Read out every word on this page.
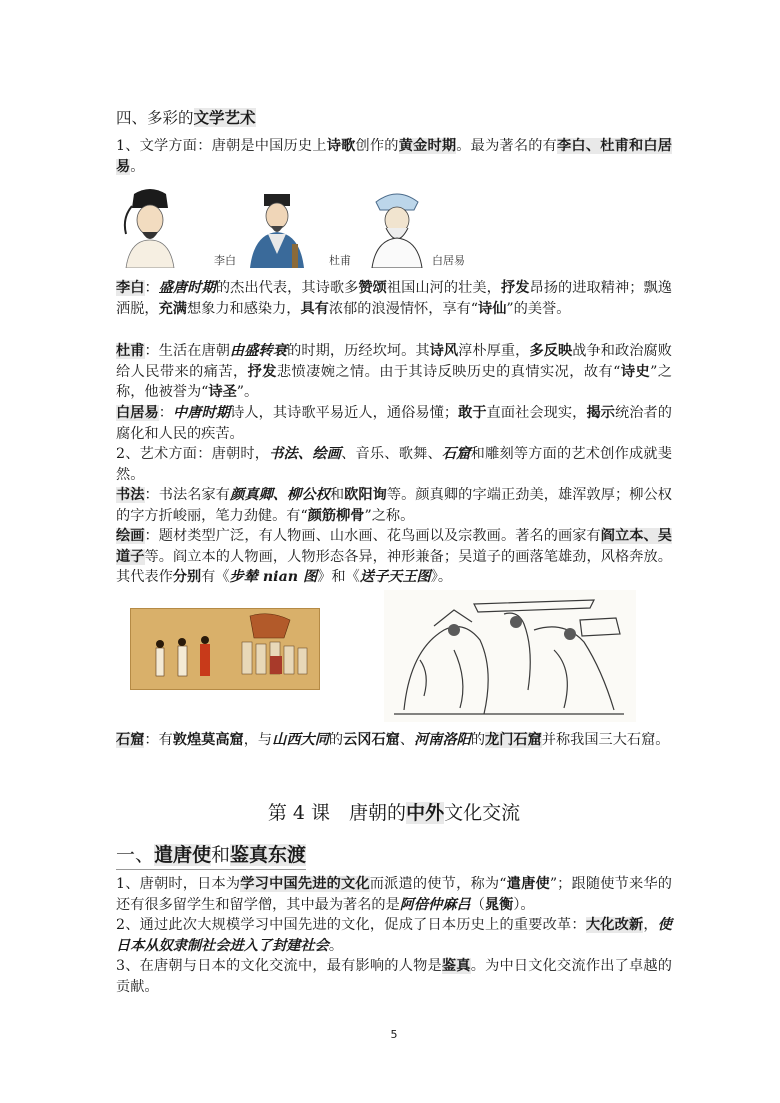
四、多彩的文学艺术
1、文学方面：唐朝是中国历史上诗歌创作的黄金时期。最为著名的有李白、杜甫和白居易。
李白	杜甫	白居易
李白：盛唐时期的杰出代表，其诗歌多赞颂祖国山河的壮美，抒发昂扬的进取精神；飘逸洒脱，充满想象力和感染力，具有浓郁的浪漫情怀，享有“诗仙”的美誉。
杜甫：生活在唐朝由盛转衰的时期，历经坎坷。其诗风淳朴厚重，多反映战争和政治腐败给人民带来的痛苦，抒发悲愤凄婉之情。由于其诗反映历史的真情实况，故有“诗史”之称，他被誉为“诗圣”。
白居易：中唐时期诗人，其诗歌平易近人，通俗易懂；敢于直面社会现实，揭示统治者的腐化和人民的疾苦。
2、艺术方面：唐朝时，书法、绘画、音乐、歌舞、石窟和雕刻等方面的艺术创作成就斐然。
书法：书法名家有颜真卿、柳公权和欧阳询等。颜真卿的字端正劲美，雄浑敦厚；柳公权的字方折峻丽，笔力劲健。有“颜筋柳骨”之称。
绘画：题材类型广泛，有人物画、山水画、花鸟画以及宗教画。著名的画家有阎立本、吴道子等。阎立本的人物画，人物形态各异，神形兼备；吴道子的画落笔雄劲，风格奔放。其代表作分别有《步辇 nian 图》和《送子天王图》。
石窟：有敦煌莫高窟，与山西大同的云冈石窟、河南洛阳的龙门石窟并称我国三大石窟。
第 4 课　唐朝的中外文化交流
一、遣唐使和鉴真东渡
1、唐朝时，日本为学习中国先进的文化而派遣的使节，称为“遣唐使”；跟随使节来华的还有很多留学生和留学僧，其中最为著名的是阿倍仲麻吕（晁衡）。
2、通过此次大规模学习中国先进的文化，促成了日本历史上的重要改革：大化改新，使日本从奴隶制社会进入了封建社会。
3、在唐朝与日本的文化交流中，最有影响的人物是鉴真。为中日文化交流作出了卓越的贡献。
5
